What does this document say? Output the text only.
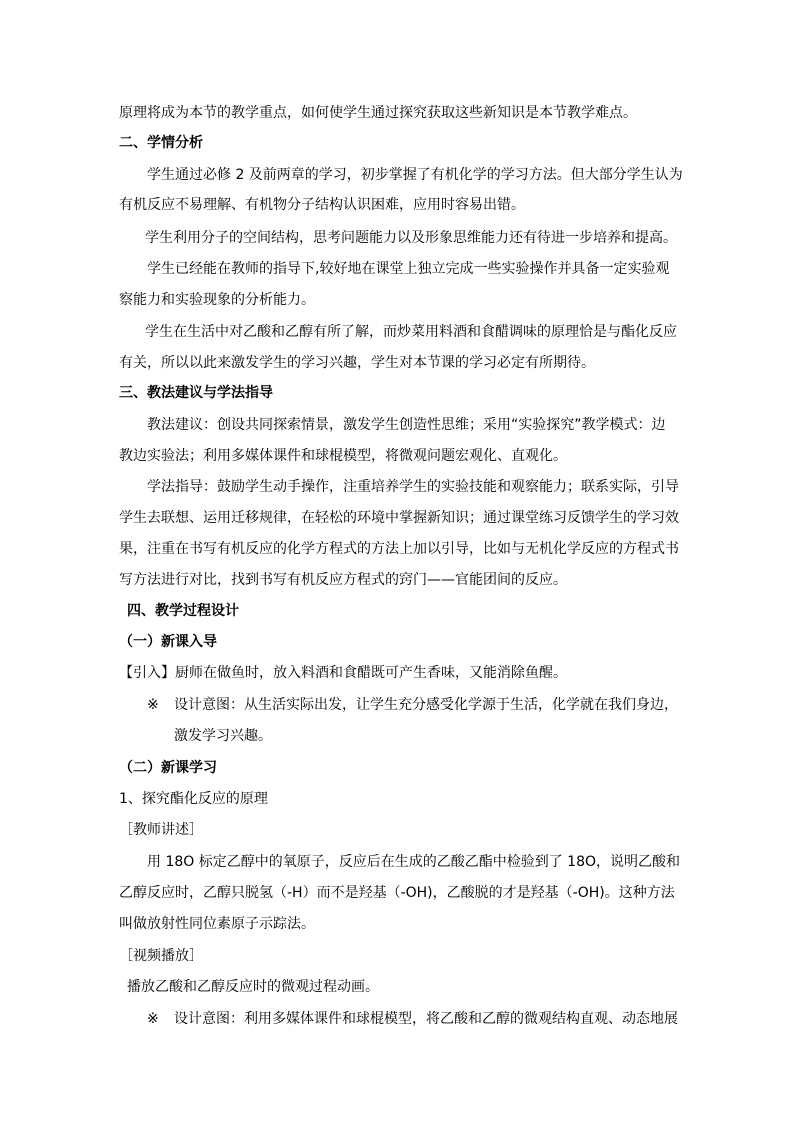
原理将成为本节的教学重点，如何使学生通过探究获取这些新知识是本节教学难点。
二、学情分析
学生通过必修 2 及前两章的学习，初步掌握了有机化学的学习方法。但大部分学生认为
有机反应不易理解、有机物分子结构认识困难，应用时容易出错。
学生利用分子的空间结构，思考问题能力以及形象思维能力还有待进一步培养和提高。
学生已经能在教师的指导下,较好地在课堂上独立完成一些实验操作并具备一定实验观
察能力和实验现象的分析能力。
学生在生活中对乙酸和乙醇有所了解，而炒菜用料酒和食醋调味的原理恰是与酯化反应
有关，所以以此来激发学生的学习兴趣，学生对本节课的学习必定有所期待。
三、教法建议与学法指导
教法建议：创设共同探索情景，激发学生创造性思维；采用“实验探究”教学模式：边
教边实验法；利用多媒体课件和球棍模型，将微观问题宏观化、直观化。
学法指导：鼓励学生动手操作，注重培养学生的实验技能和观察能力；联系实际，引导
学生去联想、运用迁移规律，在轻松的环境中掌握新知识；通过课堂练习反馈学生的学习效
果，注重在书写有机反应的化学方程式的方法上加以引导，比如与无机化学反应的方程式书
写方法进行对比，找到书写有机反应方程式的窍门——官能团间的反应。
四、教学过程设计
（一）新课入导
【引入】厨师在做鱼时，放入料酒和食醋既可产生香味，又能消除鱼醒。
※ 设计意图：从生活实际出发，让学生充分感受化学源于生活，化学就在我们身边，
激发学习兴趣。
（二）新课学习
1、探究酯化反应的原理
［教师讲述］
用 18O 标定乙醇中的氧原子，反应后在生成的乙酸乙酯中检验到了 18O，说明乙酸和
乙醇反应时，乙醇只脱氢（-H）而不是羟基（-OH)，乙酸脱的才是羟基（-OH)。这种方法
叫做放射性同位素原子示踪法。
［视频播放］
播放乙酸和乙醇反应时的微观过程动画。
※ 设计意图：利用多媒体课件和球棍模型，将乙酸和乙醇的微观结构直观、动态地展
